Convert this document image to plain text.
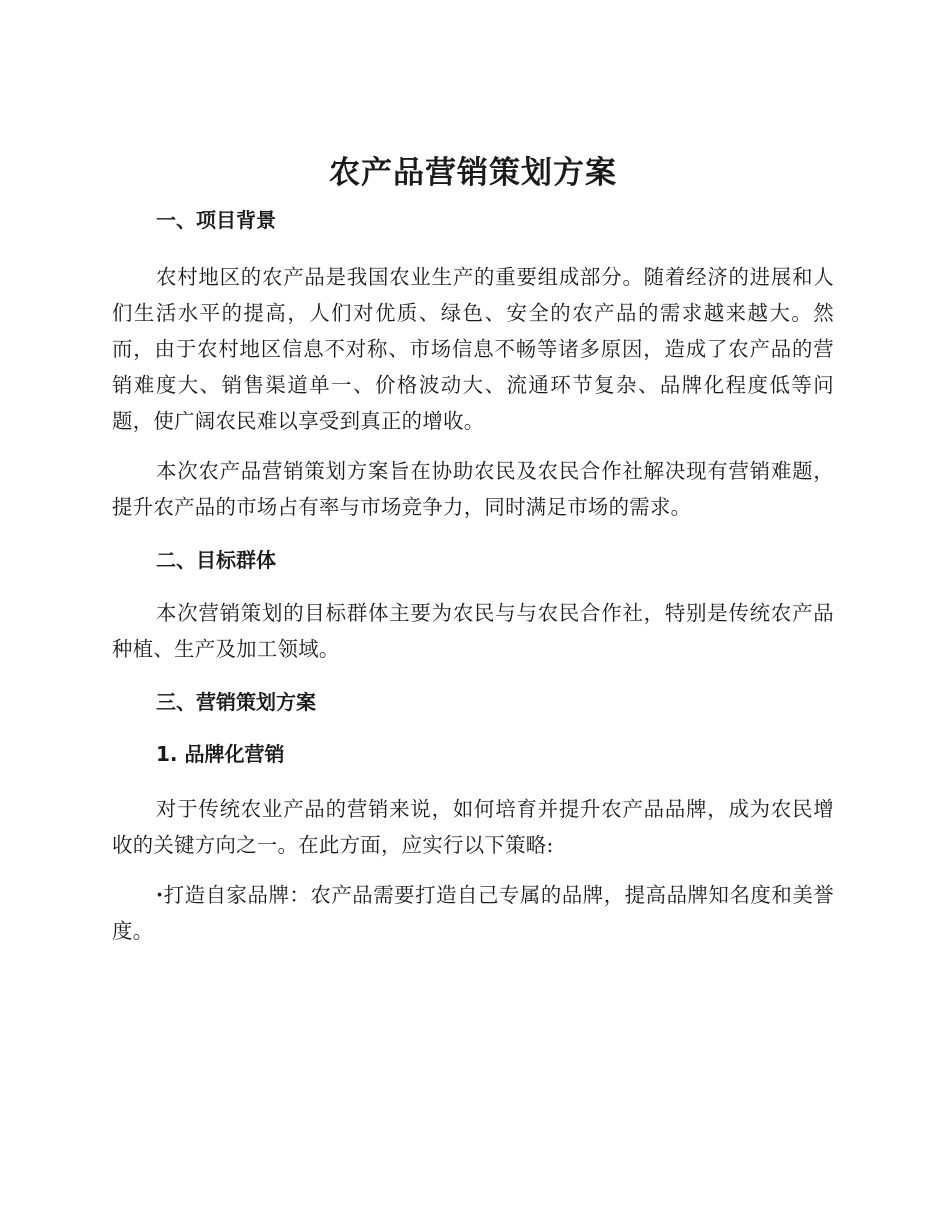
农产品营销策划方案
一、项目背景

农村地区的农产品是我国农业生产的重要组成部分。随着经济的进展和人们生活水平的提高，人们对优质、绿色、安全的农产品的需求越来越大。然而，由于农村地区信息不对称、市场信息不畅等诸多原因，造成了农产品的营销难度大、销售渠道单一、价格波动大、流通环节复杂、品牌化程度低等问题，使广阔农民难以享受到真正的增收。

本次农产品营销策划方案旨在协助农民及农民合作社解决现有营销难题，提升农产品的市场占有率与市场竞争力，同时满足市场的需求。

二、目标群体

本次营销策划的目标群体主要为农民与与农民合作社，特别是传统农产品种植、生产及加工领域。

三、营销策划方案
1. 品牌化营销

对于传统农业产品的营销来说，如何培育并提升农产品品牌，成为农民增收的关键方向之一。在此方面，应实行以下策略:

·打造自家品牌：农产品需要打造自己专属的品牌，提高品牌知名度和美誉度。
